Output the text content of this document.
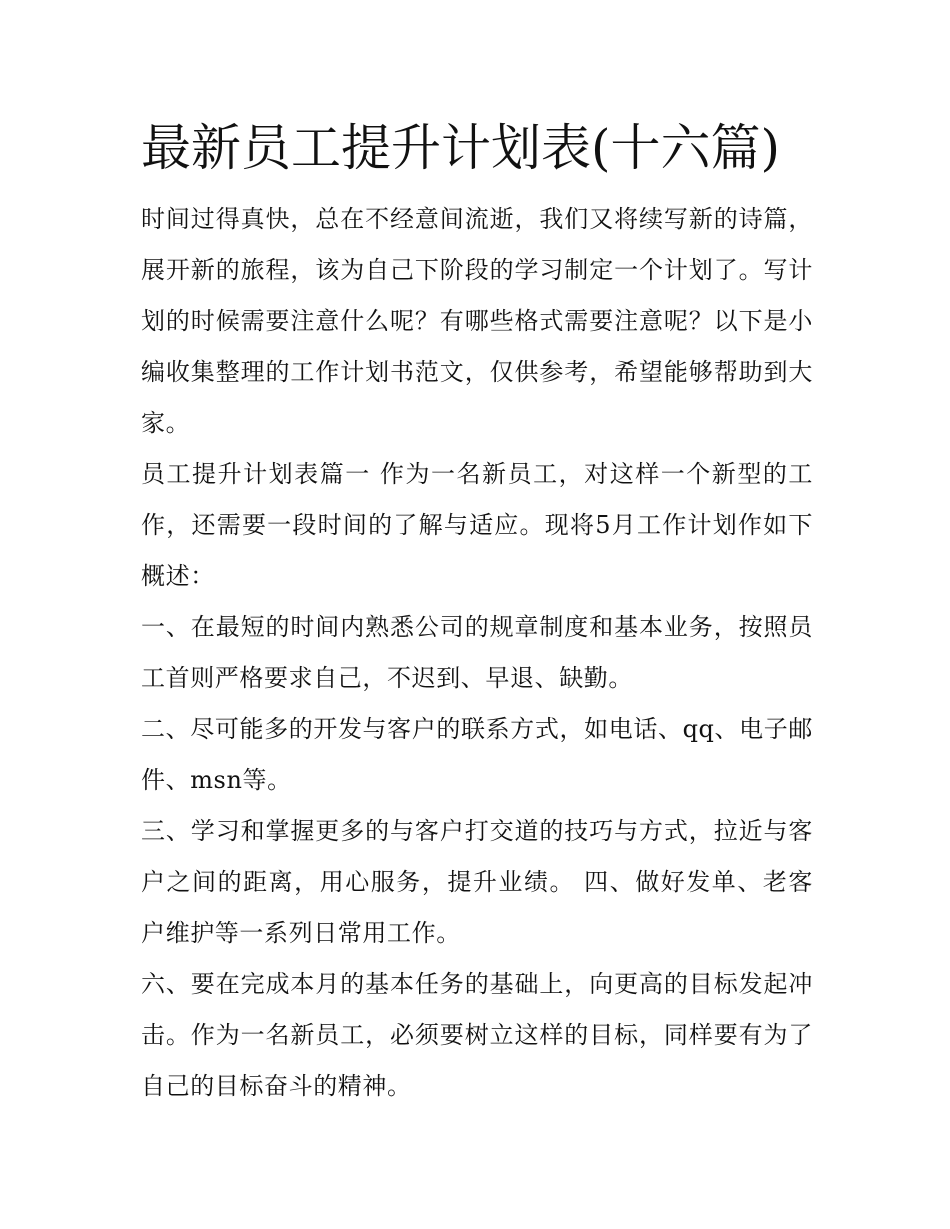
最新员工提升计划表(十六篇)

时间过得真快，总在不经意间流逝，我们又将续写新的诗篇，展开新的旅程，该为自己下阶段的学习制定一个计划了。写计划的时候需要注意什么呢？有哪些格式需要注意呢？以下是小编收集整理的工作计划书范文，仅供参考，希望能够帮助到大家。

员工提升计划表篇一 作为一名新员工，对这样一个新型的工作，还需要一段时间的了解与适应。现将5月工作计划作如下概述：

一、在最短的时间内熟悉公司的规章制度和基本业务，按照员工首则严格要求自己，不迟到、早退、缺勤。

二、尽可能多的开发与客户的联系方式，如电话、qq、电子邮件、msn等。

三、学习和掌握更多的与客户打交道的技巧与方式，拉近与客户之间的距离，用心服务，提升业绩。 四、做好发单、老客户维护等一系列日常用工作。

六、要在完成本月的基本任务的基础上，向更高的目标发起冲击。作为一名新员工，必须要树立这样的目标，同样要有为了自己的目标奋斗的精神。
